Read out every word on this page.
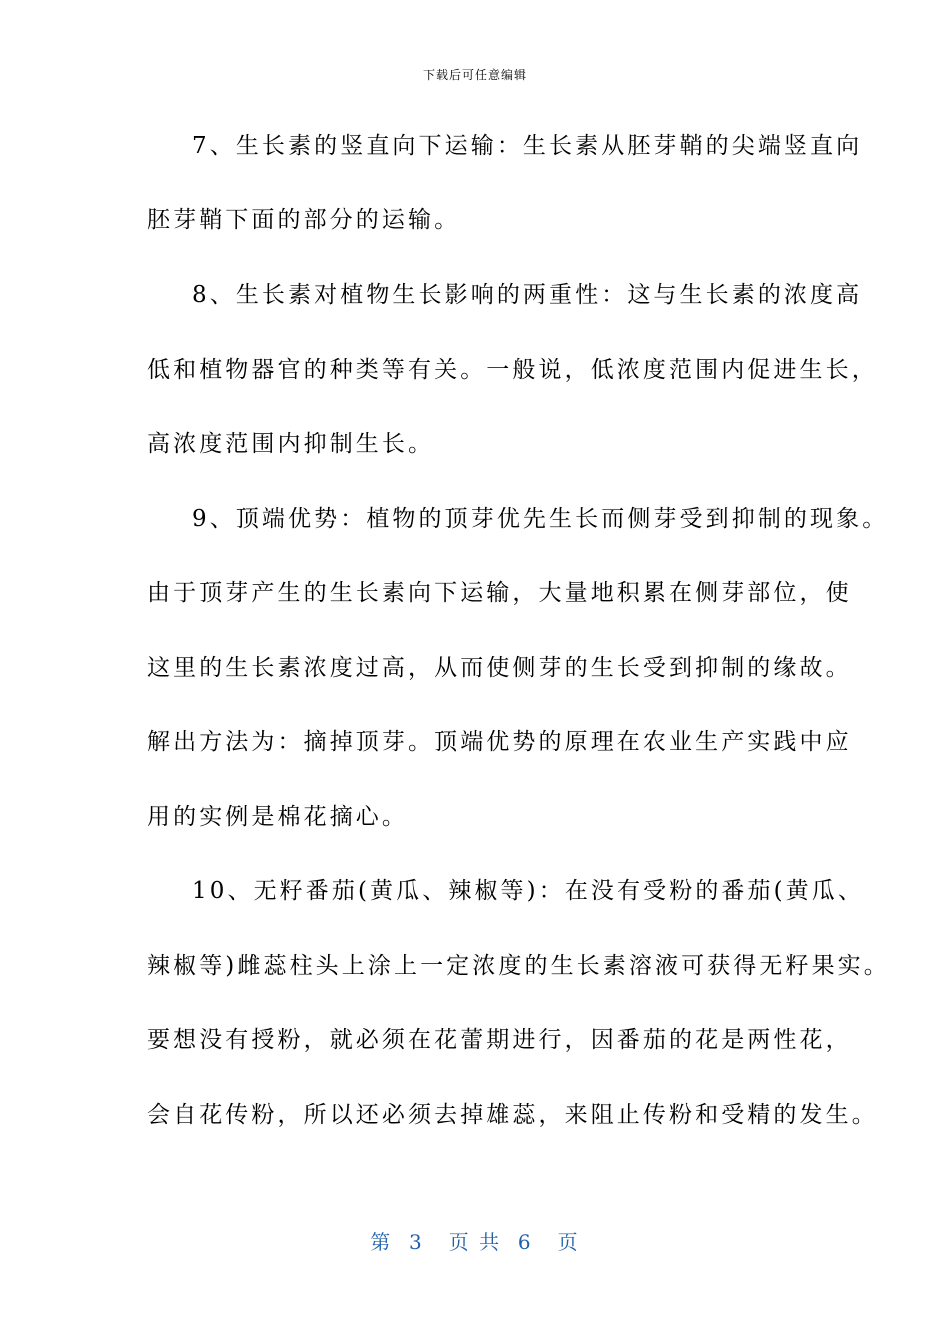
下载后可任意编辑
7、生长素的竖直向下运输：生长素从胚芽鞘的尖端竖直向
胚芽鞘下面的部分的运输。
8、生长素对植物生长影响的两重性：这与生长素的浓度高
低和植物器官的种类等有关。一般说，低浓度范围内促进生长，
高浓度范围内抑制生长。
9、顶端优势：植物的顶芽优先生长而侧芽受到抑制的现象。
由于顶芽产生的生长素向下运输，大量地积累在侧芽部位，使
这里的生长素浓度过高，从而使侧芽的生长受到抑制的缘故。
解出方法为：摘掉顶芽。顶端优势的原理在农业生产实践中应
用的实例是棉花摘心。
10、无籽番茄(黄瓜、辣椒等)：在没有受粉的番茄(黄瓜、
辣椒等)雌蕊柱头上涂上一定浓度的生长素溶液可获得无籽果实。
要想没有授粉，就必须在花蕾期进行，因番茄的花是两性花，
会自花传粉，所以还必须去掉雄蕊，来阻止传粉和受精的发生。
第  3   页 共  6   页
